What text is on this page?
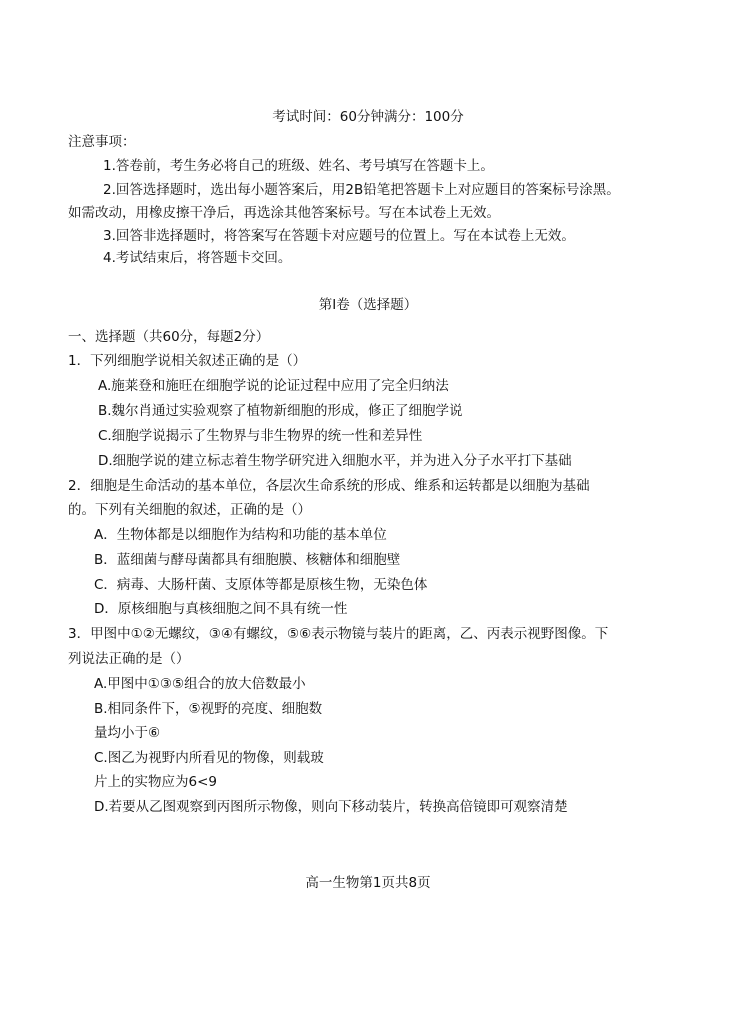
考试时间：60分钟满分：100分
注意事项：
1.答卷前，考生务必将自己的班级、姓名、考号填写在答题卡上。
2.回答选择题时，选出每小题答案后，用2B铅笔把答题卡上对应题目的答案标号涂黑。
如需改动，用橡皮擦干净后，再选涂其他答案标号。写在本试卷上无效。
3.回答非选择题时，将答案写在答题卡对应题号的位置上。写在本试卷上无效。
4.考试结束后，将答题卡交回。
第I卷（选择题）
一、选择题（共60分，每题2分）
1．下列细胞学说相关叙述正确的是（）
A.施莱登和施旺在细胞学说的论证过程中应用了完全归纳法
B.魏尔肖通过实验观察了植物新细胞的形成，修正了细胞学说
C.细胞学说揭示了生物界与非生物界的统一性和差异性
D.细胞学说的建立标志着生物学研究进入细胞水平，并为进入分子水平打下基础
2．细胞是生命活动的基本单位，各层次生命系统的形成、维系和运转都是以细胞为基础
的。下列有关细胞的叙述，正确的是（）
A．生物体都是以细胞作为结构和功能的基本单位
B．蓝细菌与酵母菌都具有细胞膜、核糖体和细胞壁
C．病毒、大肠杆菌、支原体等都是原核生物，无染色体
D．原核细胞与真核细胞之间不具有统一性
3．甲图中①②无螺纹，③④有螺纹，⑤⑥表示物镜与装片的距离，乙、丙表示视野图像。下
列说法正确的是（）
A.甲图中①③⑤组合的放大倍数最小
B.相同条件下，⑤视野的亮度、细胞数
量均小于⑥
C.图乙为视野内所看见的物像，则载玻
片上的实物应为6<9
D.若要从乙图观察到丙图所示物像，则向下移动装片，转换高倍镜即可观察清楚
高一生物第1页共8页
